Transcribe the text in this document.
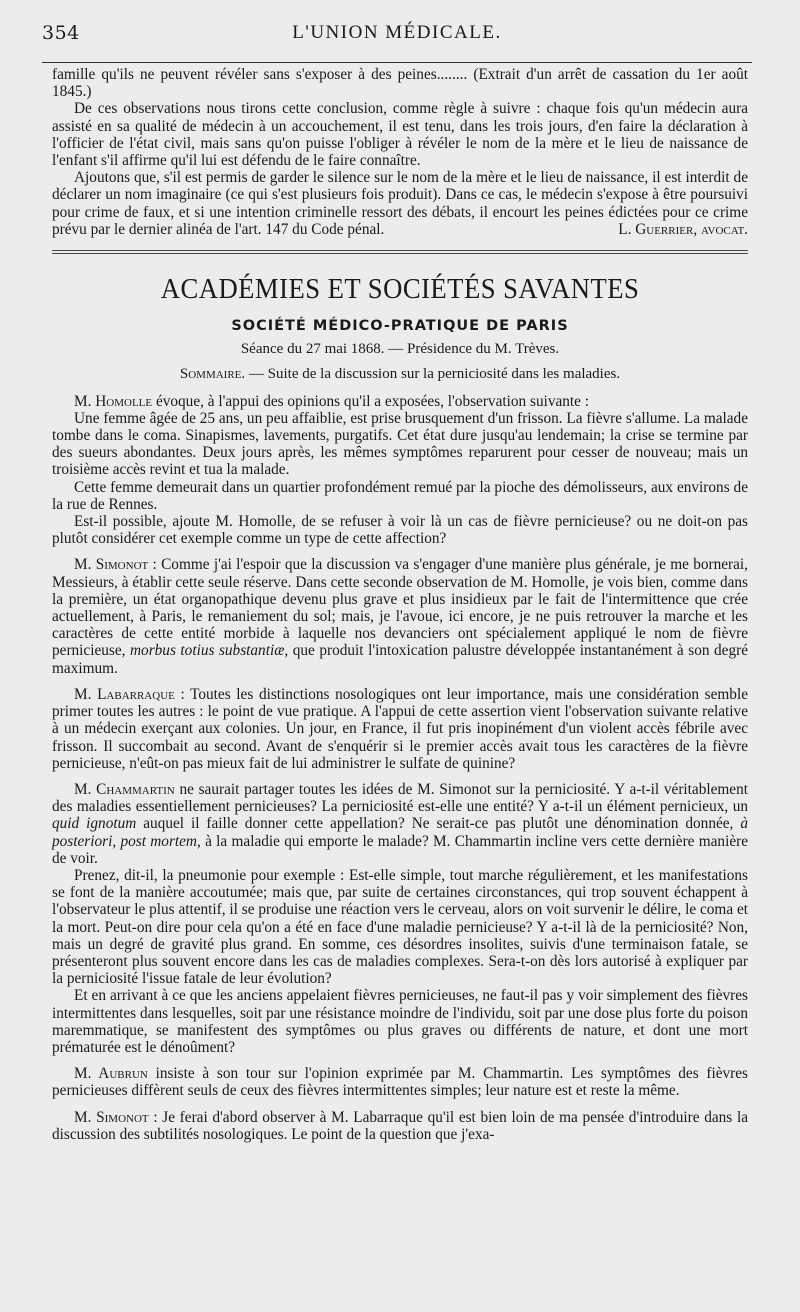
354	L'UNION MÉDICALE.

famille qu'ils ne peuvent révéler sans s'exposer à des peines........ (Extrait d'un arrêt de cassation du 1er août 1845.)

De ces observations nous tirons cette conclusion, comme règle à suivre : chaque fois qu'un médecin aura assisté en sa qualité de médecin à un accouchement, il est tenu, dans les trois jours, d'en faire la déclaration à l'officier de l'état civil, mais sans qu'on puisse l'obliger à révéler le nom de la mère et le lieu de naissance de l'enfant s'il affirme qu'il lui est défendu de le faire connaître.

Ajoutons que, s'il est permis de garder le silence sur le nom de la mère et le lieu de naissance, il est interdit de déclarer un nom imaginaire (ce qui s'est plusieurs fois produit). Dans ce cas, le médecin s'expose à être poursuivi pour crime de faux, et si une intention criminelle ressort des débats, il encourt les peines édictées pour ce crime prévu par le dernier alinéa de l'art. 147 du Code pénal.	L. Guerrier, avocat.

ACADÉMIES ET SOCIÉTÉS SAVANTES
SOCIÉTÉ MÉDICO-PRATIQUE DE PARIS
Séance du 27 mai 1868. — Présidence du M. Trèves.
Sommaire. — Suite de la discussion sur la perniciosité dans les maladies.

M. Homolle évoque, à l'appui des opinions qu'il a exposées, l'observation suivante :

Une femme âgée de 25 ans, un peu affaiblie, est prise brusquement d'un frisson. La fièvre s'allume. La malade tombe dans le coma. Sinapismes, lavements, purgatifs. Cet état dure jusqu'au lendemain; la crise se termine par des sueurs abondantes. Deux jours après, les mêmes symptômes reparurent pour cesser de nouveau; mais un troisième accès revint et tua la malade.

Cette femme demeurait dans un quartier profondément remué par la pioche des démolisseurs, aux environs de la rue de Rennes.

Est-il possible, ajoute M. Homolle, de se refuser à voir là un cas de fièvre pernicieuse? ou ne doit-on pas plutôt considérer cet exemple comme un type de cette affection?

M. Simonot : Comme j'ai l'espoir que la discussion va s'engager d'une manière plus générale, je me bornerai, Messieurs, à établir cette seule réserve. Dans cette seconde observation de M. Homolle, je vois bien, comme dans la première, un état organopathique devenu plus grave et plus insidieux par le fait de l'intermittence que crée actuellement, à Paris, le remaniement du sol; mais, je l'avoue, ici encore, je ne puis retrouver la marche et les caractères de cette entité morbide à laquelle nos devanciers ont spécialement appliqué le nom de fièvre pernicieuse, morbus totius substantiæ, que produit l'intoxication palustre développée instantanément à son degré maximum.

M. Labarraque : Toutes les distinctions nosologiques ont leur importance, mais une considération semble primer toutes les autres : le point de vue pratique. A l'appui de cette assertion vient l'observation suivante relative à un médecin exerçant aux colonies. Un jour, en France, il fut pris inopinément d'un violent accès fébrile avec frisson. Il succombait au second. Avant de s'enquérir si le premier accès avait tous les caractères de la fièvre pernicieuse, n'eût-on pas mieux fait de lui administrer le sulfate de quinine?

M. Chammartin ne saurait partager toutes les idées de M. Simonot sur la perniciosité. Y a-t-il véritablement des maladies essentiellement pernicieuses? La perniciosité est-elle une entité? Y a-t-il un élément pernicieux, un quid ignotum auquel il faille donner cette appellation? Ne serait-ce pas plutôt une dénomination donnée, à posteriori, post mortem, à la maladie qui emporte le malade? M. Chammartin incline vers cette dernière manière de voir.

Prenez, dit-il, la pneumonie pour exemple : Est-elle simple, tout marche régulièrement, et les manifestations se font de la manière accoutumée; mais que, par suite de certaines circonstances, qui trop souvent échappent à l'observateur le plus attentif, il se produise une réaction vers le cerveau, alors on voit survenir le délire, le coma et la mort. Peut-on dire pour cela qu'on a été en face d'une maladie pernicieuse? Y a-t-il là de la perniciosité? Non, mais un degré de gravité plus grand. En somme, ces désordres insolites, suivis d'une terminaison fatale, se présenteront plus souvent encore dans les cas de maladies complexes. Sera-t-on dès lors autorisé à expliquer par la perniciosité l'issue fatale de leur évolution?

Et en arrivant à ce que les anciens appelaient fièvres pernicieuses, ne faut-il pas y voir simplement des fièvres intermittentes dans lesquelles, soit par une résistance moindre de l'individu, soit par une dose plus forte du poison maremmatique, se manifestent des symptômes ou plus graves ou différents de nature, et dont une mort prématurée est le dénoûment?

M. Aubrun insiste à son tour sur l'opinion exprimée par M. Chammartin. Les symptômes des fièvres pernicieuses diffèrent seuls de ceux des fièvres intermittentes simples; leur nature est et reste la même.

M. Simonot : Je ferai d'abord observer à M. Labarraque qu'il est bien loin de ma pensée d'introduire dans la discussion des subtilités nosologiques. Le point de la question que j'exa-
